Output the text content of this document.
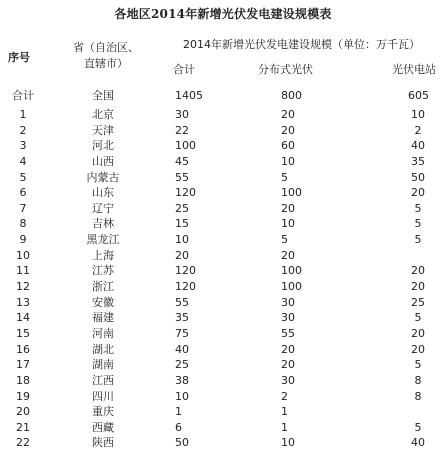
各地区2014年新增光伏发电建设规模表
序号
省（自治区、直辖市）
2014年新增光伏发电建设规模（单位：万千瓦）
合计	分布式光伏	光伏电站
合计	全国	1405	800	605
1	北京	30	20	10
2	天津	22	20	2
3	河北	100	60	40
4	山西	45	10	35
5	内蒙古	55	5	50
6	山东	120	100	20
7	辽宁	25	20	5
8	吉林	15	10	5
9	黑龙江	10	5	5
10	上海	20	20
11	江苏	120	100	20
12	浙江	120	100	20
13	安徽	55	30	25
14	福建	35	30	5
15	河南	75	55	20
16	湖北	40	20	20
17	湖南	25	20	5
18	江西	38	30	8
19	四川	10	2	8
20	重庆	1	1
21	西藏	6	1	5
22	陕西	50	10	40
